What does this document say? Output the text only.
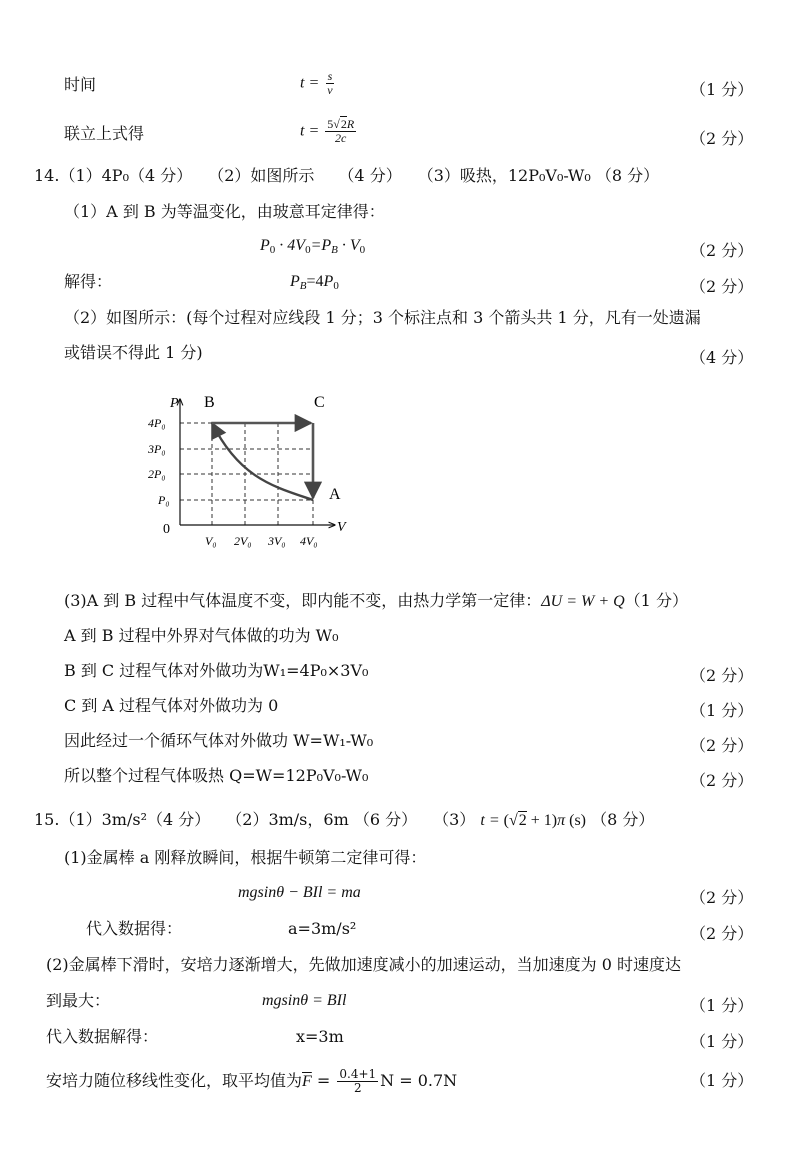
时间	$t = \frac{s}{v}$	（1 分）
联立上式得	$t = \frac{5√2R}{2c}$	（2 分）
14.（1）4P₀（4 分）　　（2）如图所示　　（4 分）　　（3）吸热，12P₀V₀-W₀ （8 分）
（1）A 到 B 为等温变化，由玻意耳定律得：
$P_0 \cdot 4V_0=P_B \cdot V_0$	（2 分）
解得：	$P_B=4P_0$	（2 分）
（2）如图所示：(每个过程对应线段 1 分；3 个标注点和 3 个箭头共 1 分，凡有一处遗漏
或错误不得此 1 分)	（4 分）
P
V
0
B	C
A
4P₀
3P₀
2P₀
P₀
V₀ 2V₀ 3V₀ 4V₀
(3)A 到 B 过程中气体温度不变，即内能不变，由热力学第一定律：ΔU = W + Q（1 分）
A 到 B 过程中外界对气体做的功为 W₀
B 到 C 过程气体对外做功为W₁=4P₀×3V₀	（2 分）
C 到 A 过程气体对外做功为 0	（1 分）
因此经过一个循环气体对外做功 W=W₁-W₀	（2 分）
所以整个过程气体吸热 Q=W=12P₀V₀-W₀	（2 分）
15.（1）3m/s²（4 分）　　（2）3m/s，6m （6 分）　　（3） t = (√2 + 1)π (s) （8 分）
(1)金属棒 a 刚释放瞬间，根据牛顿第二定律可得：
mgsinθ − BIl = ma	（2 分）
代入数据得：	a=3m/s²	（2 分）
(2)金属棒下滑时，安培力逐渐增大，先做加速度减小的加速运动，当加速度为 0 时速度达
到最大：	mgsinθ = BIl	（1 分）
代入数据解得：	x=3m	（1 分）
安培力随位移线性变化，取平均值为$\overline{F} = \frac{0.4+1}{2}$ N = 0.7N	（1 分）
